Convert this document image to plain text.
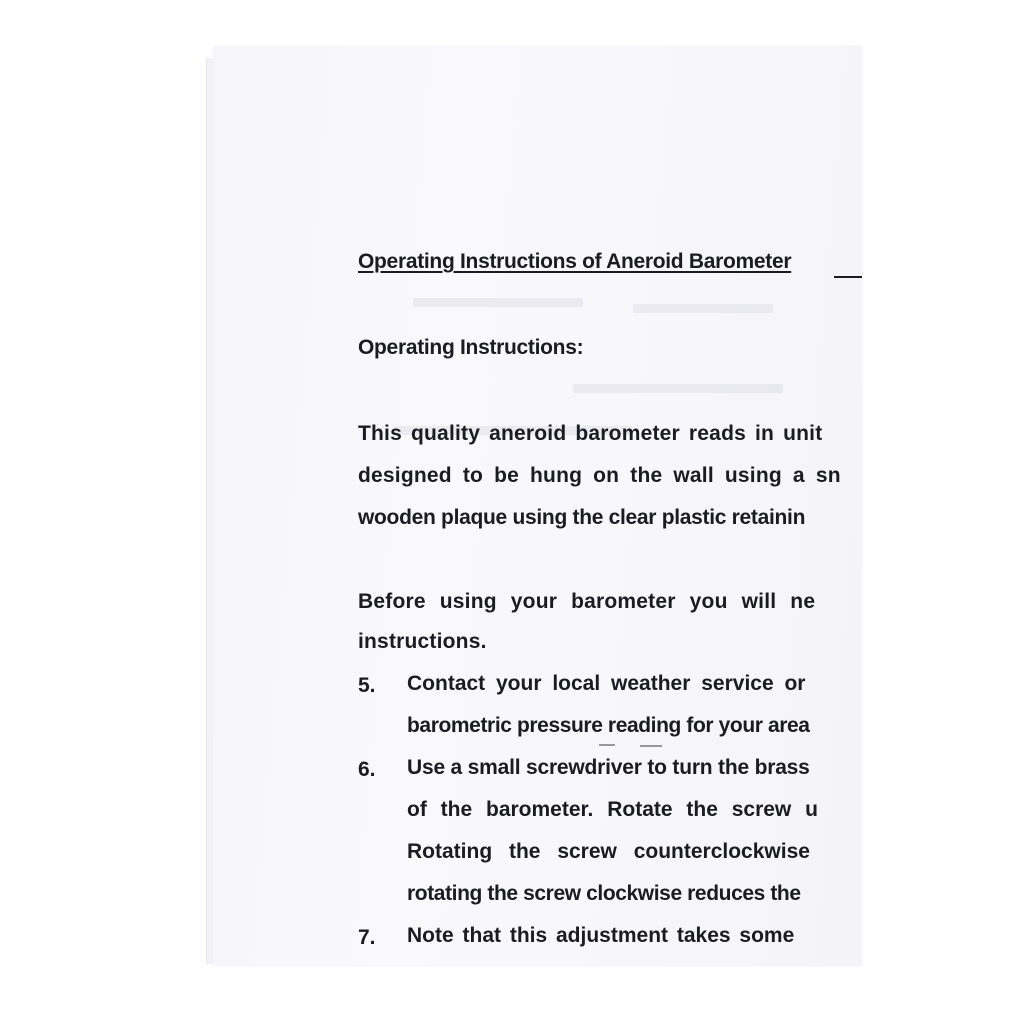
Operating Instructions of Aneroid Barometer
Operating Instructions:
This quality aneroid barometer reads in unit
designed to be hung on the wall using a sn
wooden plaque using the clear plastic retainin
Before using your barometer you will ne
instructions.
5. Contact your local weather service or
barometric pressure reading for your area
6. Use a small screwdriver to turn the brass
of the barometer. Rotate the screw u
Rotating the screw counterclockwise
rotating the screw clockwise reduces the
7. Note that this adjustment takes some
